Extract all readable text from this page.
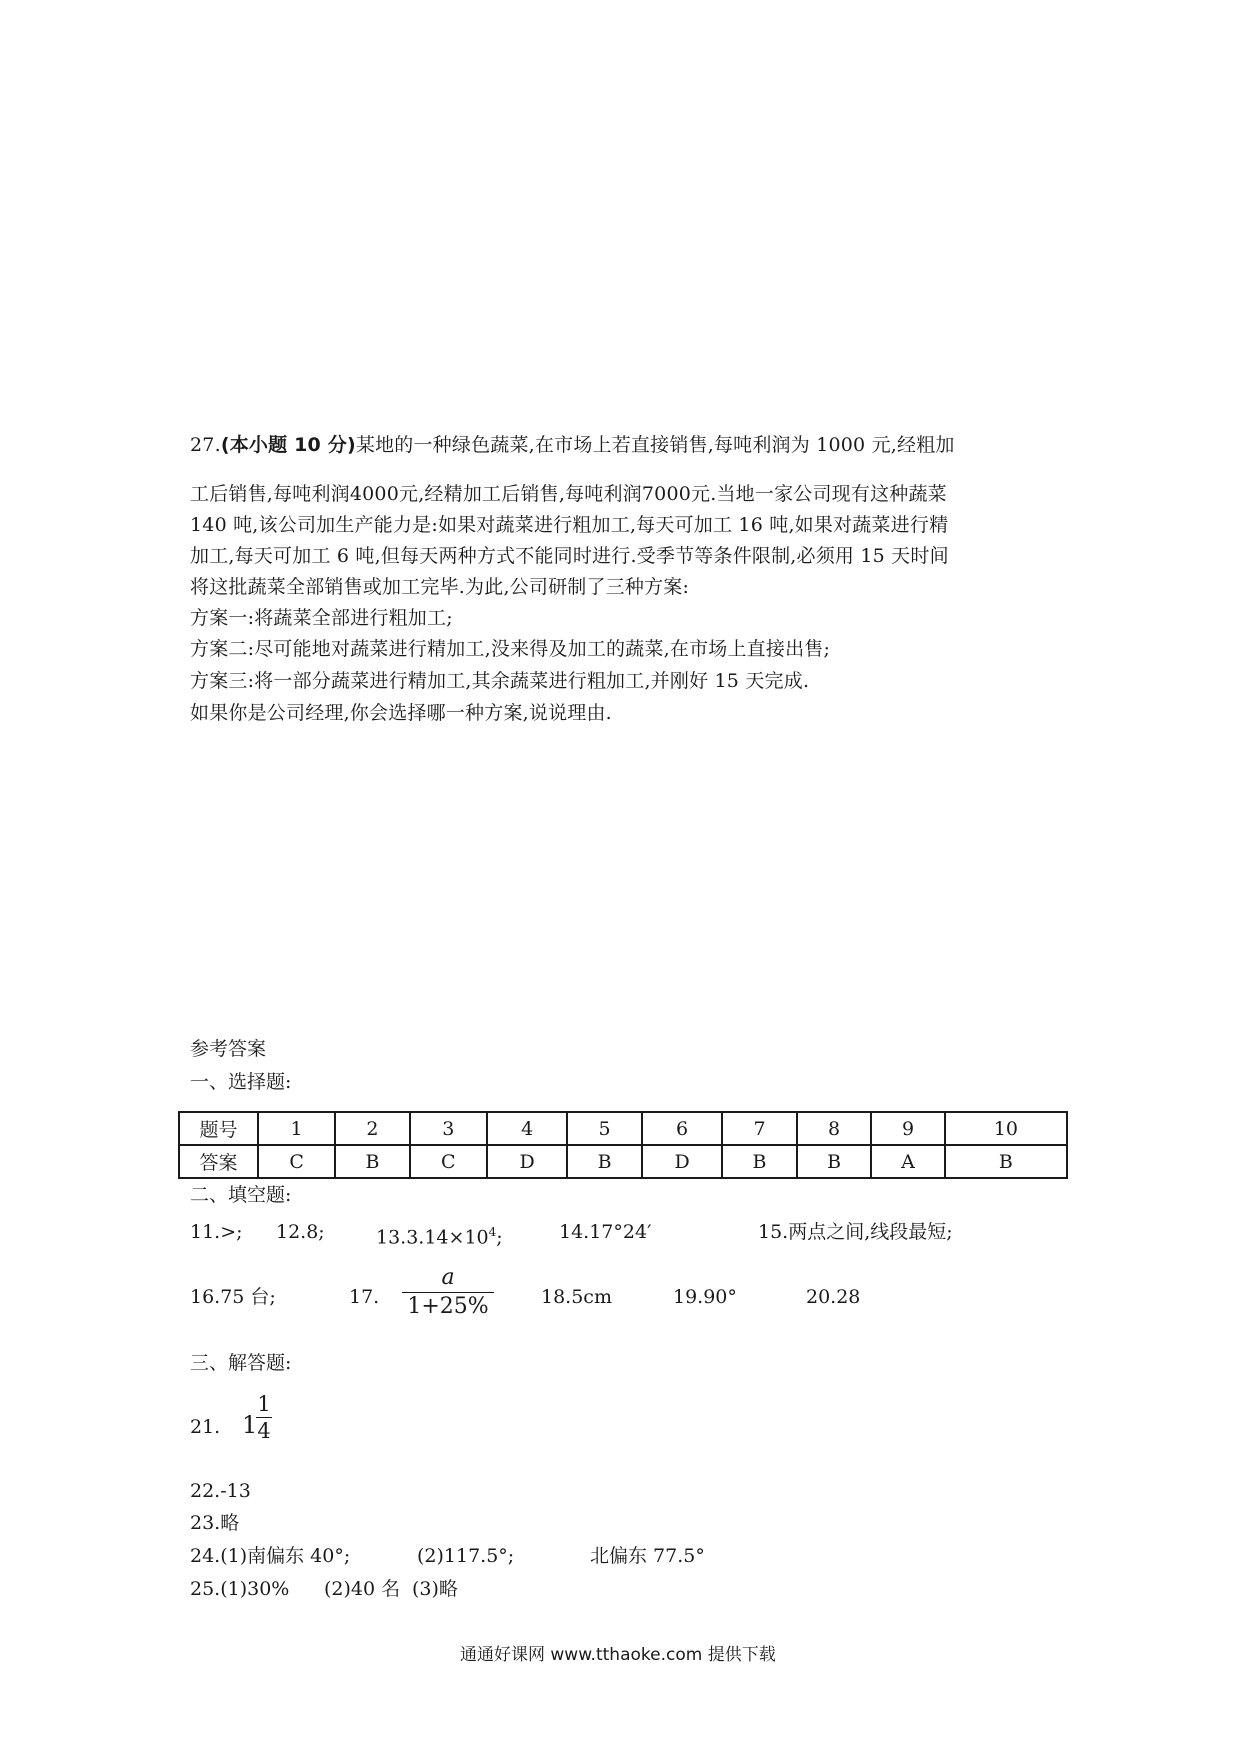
27.(本小题 10 分)某地的一种绿色蔬菜,在市场上若直接销售,每吨利润为 1000 元,经粗加
工后销售,每吨利润4000元,经精加工后销售,每吨利润7000元.当地一家公司现有这种蔬菜
140 吨,该公司加生产能力是:如果对蔬菜进行粗加工,每天可加工 16 吨,如果对蔬菜进行精
加工,每天可加工 6 吨,但每天两种方式不能同时进行.受季节等条件限制,必须用 15 天时间
将这批蔬菜全部销售或加工完毕.为此,公司研制了三种方案:
方案一:将蔬菜全部进行粗加工;
方案二:尽可能地对蔬菜进行精加工,没来得及加工的蔬菜,在市场上直接出售;
方案三:将一部分蔬菜进行精加工,其余蔬菜进行粗加工,并刚好 15 天完成.
如果你是公司经理,你会选择哪一种方案,说说理由.
参考答案
一、选择题:
题号	1	2	3	4	5	6	7	8	9	10
答案	C	B	C	D	B	D	B	B	A	B
二、填空题:
11.>; 12.8;	$13.3.14\times 10^4$;	14.17°24′	15.两点之间,线段最短;
16.75 台;	17.
a
1+25%	18.5cm	19.90°	20.28
三、解答题:
21. 1
1
4
22.-13
23.略
24.(1)南偏东 40°;	(2)117.5°;	北偏东 77.5°
25.(1)30% (2)40 名 (3)略
通通好课网 www.tthaoke.com 提供下载
